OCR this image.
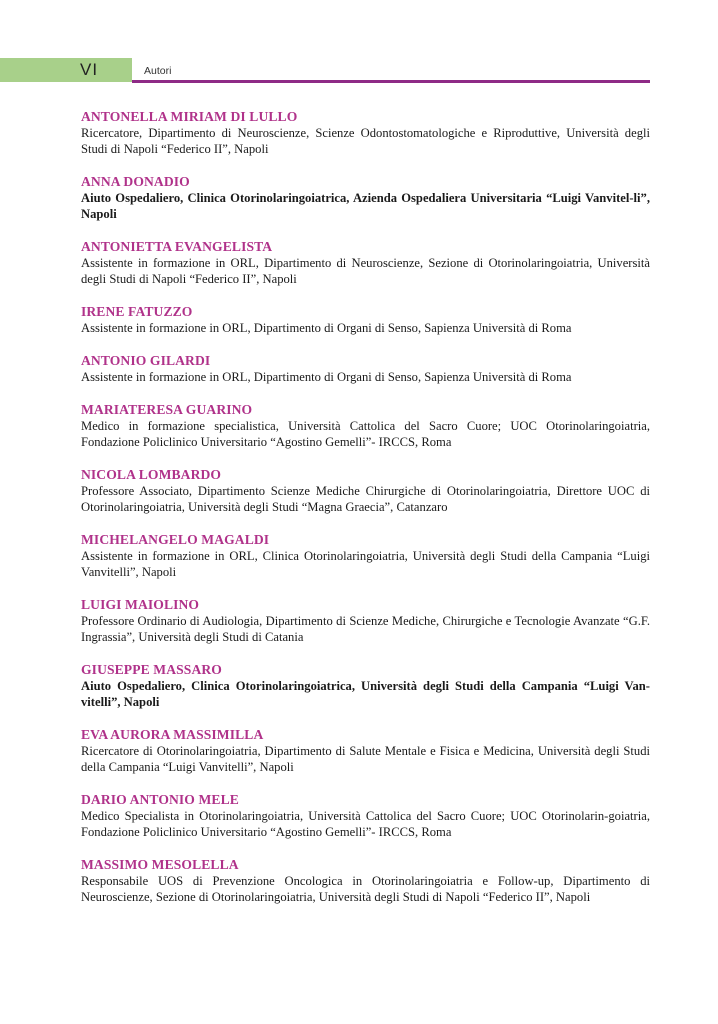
VI	Autori
ANTONELLA MIRIAM DI LULLO
Ricercatore, Dipartimento di Neuroscienze, Scienze Odontostomatologiche e Riproduttive, Università degli Studi di Napoli “Federico II”, Napoli
ANNA DONADIO
Aiuto Ospedaliero, Clinica Otorinolaringoiatrica, Azienda Ospedaliera Universitaria “Luigi Vanvitel-li”, Napoli
ANTONIETTA EVANGELISTA
Assistente in formazione in ORL, Dipartimento di Neuroscienze, Sezione di Otorinolaringoiatria, Università degli Studi di Napoli “Federico II”, Napoli
IRENE FATUZZO
Assistente in formazione in ORL, Dipartimento di Organi di Senso, Sapienza Università di Roma
ANTONIO GILARDI
Assistente in formazione in ORL, Dipartimento di Organi di Senso, Sapienza Università di Roma
MARIATERESA GUARINO
Medico in formazione specialistica, Università Cattolica del Sacro Cuore; UOC Otorinolaringoiatria, Fondazione Policlinico Universitario “Agostino Gemelli”- IRCCS, Roma
NICOLA LOMBARDO
Professore Associato, Dipartimento Scienze Mediche Chirurgiche di Otorinolaringoiatria, Direttore UOC di Otorinolaringoiatria, Università degli Studi “Magna Graecia”, Catanzaro
MICHELANGELO MAGALDI
Assistente in formazione in ORL, Clinica Otorinolaringoiatria, Università degli Studi della Campania “Luigi Vanvitelli”, Napoli
LUIGI MAIOLINO
Professore Ordinario di Audiologia, Dipartimento di Scienze Mediche, Chirurgiche e Tecnologie Avanzate “G.F. Ingrassia”, Università degli Studi di Catania
GIUSEPPE MASSARO
Aiuto Ospedaliero, Clinica Otorinolaringoiatrica, Università degli Studi della Campania “Luigi Van-vitelli”, Napoli
EVA AURORA MASSIMILLA
Ricercatore di Otorinolaringoiatria, Dipartimento di Salute Mentale e Fisica e Medicina, Università degli Studi della Campania “Luigi Vanvitelli”, Napoli
DARIO ANTONIO MELE
Medico Specialista in Otorinolaringoiatria, Università Cattolica del Sacro Cuore; UOC Otorinolarin-goiatria, Fondazione Policlinico Universitario “Agostino Gemelli”- IRCCS, Roma
MASSIMO MESOLELLA
Responsabile UOS di Prevenzione Oncologica in Otorinolaringoiatria e Follow-up, Dipartimento di Neuroscienze, Sezione di Otorinolaringoiatria, Università degli Studi di Napoli “Federico II”, Napoli
